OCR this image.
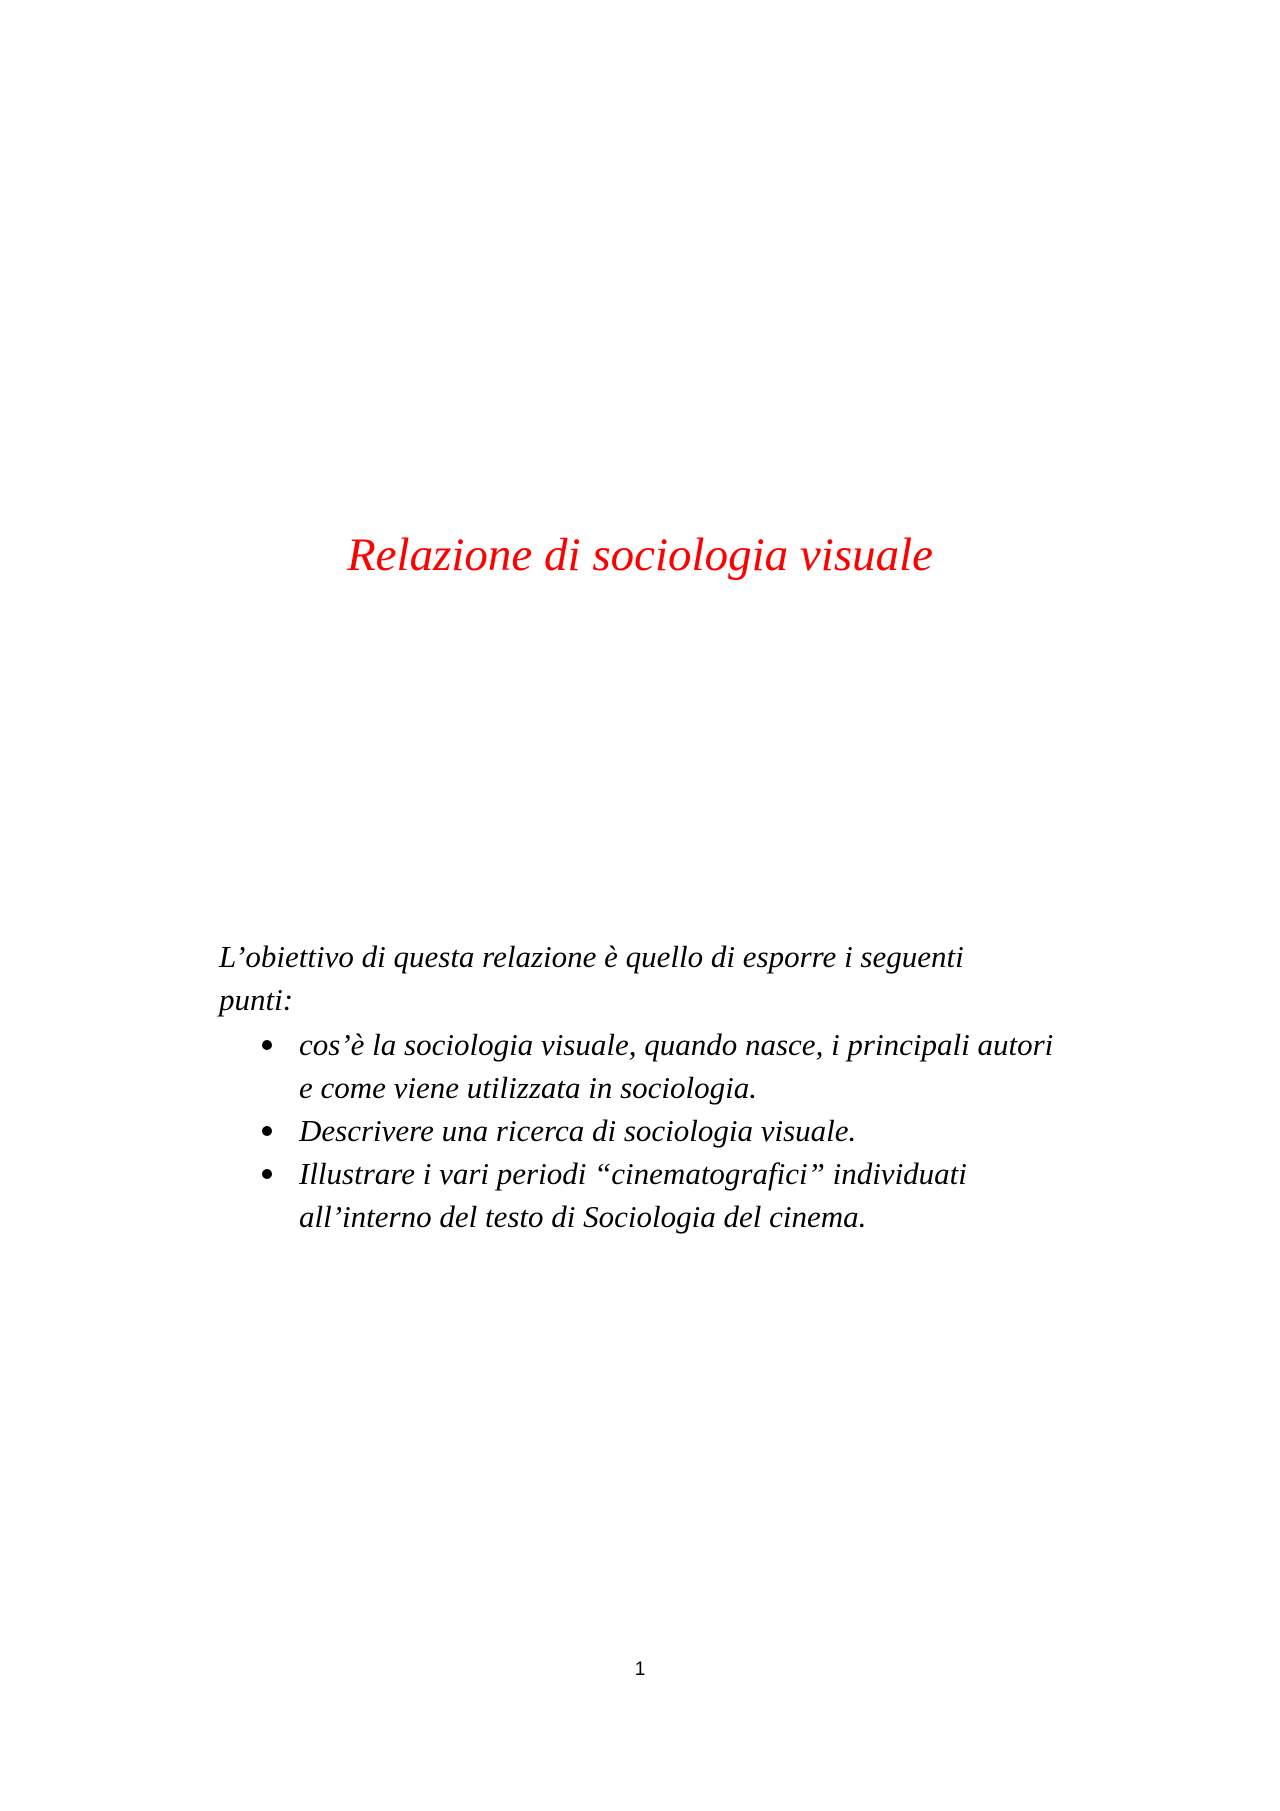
Relazione di sociologia visuale
L’obiettivo di questa relazione è quello di esporre i seguenti
punti:
cos’è la sociologia visuale, quando nasce, i principali autori
e come viene utilizzata in sociologia.
Descrivere una ricerca di sociologia visuale.
Illustrare i vari periodi “cinematografici” individuati
all’interno del testo di Sociologia del cinema.
1
